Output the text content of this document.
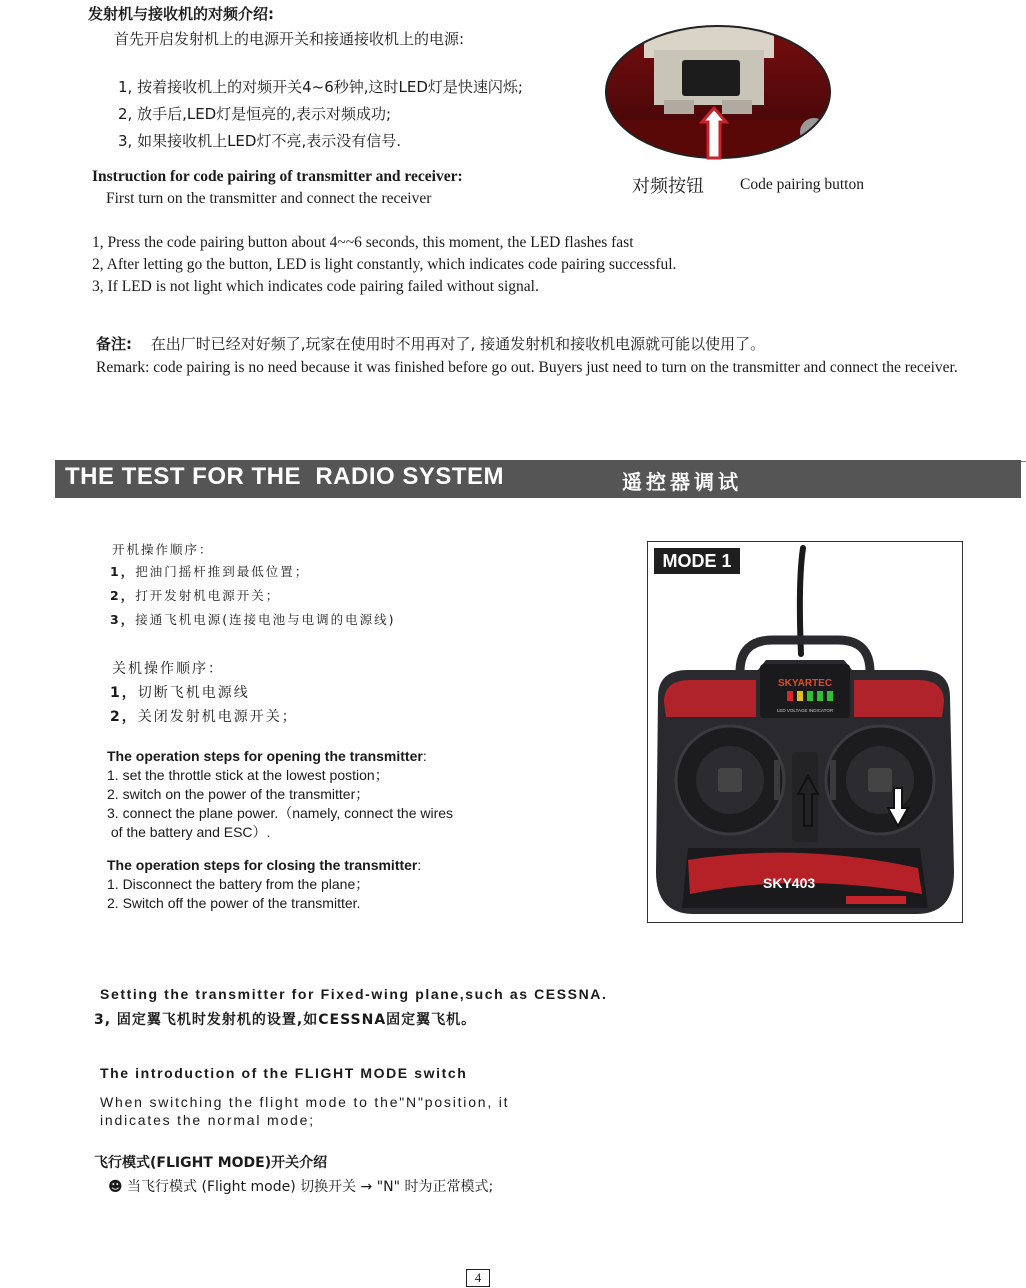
发射机与接收机的对频介绍:
首先开启发射机上的电源开关和接通接收机上的电源:
1, 按着接收机上的对频开关4~6秒钟,这时LED灯是快速闪烁;
2, 放手后,LED灯是恒亮的,表示对频成功;
3, 如果接收机上LED灯不亮,表示没有信号.
对频按钮 Code pairing button
Instruction for code pairing of transmitter and receiver:
First turn on the transmitter and connect the receiver
1, Press the code pairing button about 4~~6 seconds, this moment, the LED flashes fast
2, After letting go the button, LED is light constantly, which indicates code pairing successful.
3, If LED is not light which indicates code pairing failed without signal.
备注: 在出厂时已经对好频了,玩家在使用时不用再对了, 接通发射机和接收机电源就可能以使用了。
Remark: code pairing is no need because it was finished before go out. Buyers just need to turn on the transmitter and connect the receiver.
THE TEST FOR THE  RADIO SYSTEM	遥控器调试
开机操作顺序：
1，把油门摇杆推到最低位置；
2，打开发射机电源开关；
3，接通飞机电源(连接电池与电调的电源线)
关机操作顺序：
1，切断飞机电源线
2，关闭发射机电源开关；
The operation steps for opening the transmitter:
1. set the throttle stick at the lowest postion；
2. switch on the power of the transmitter；
3. connect the plane power.（namely, connect the wires
of the battery and ESC）.
The operation steps for closing the transmitter:
1. Disconnect the battery from the plane；
2. Switch off the power of the transmitter.
SKYARTEC
LED VOLTAGE INDICATOR
SKY403
MODE 1
Setting the transmitter for Fixed-wing plane,such as CESSNA.
3, 固定翼飞机时发射机的设置,如CESSNA固定翼飞机。
The introduction of the FLIGHT MODE switch
When switching the flight mode to the"N"position, it indicates the normal mode;
飞行模式(FLIGHT MODE)开关介绍
☻ 当飞行模式 (Flight mode) 切换开关 → "N" 时为正常模式;
4
